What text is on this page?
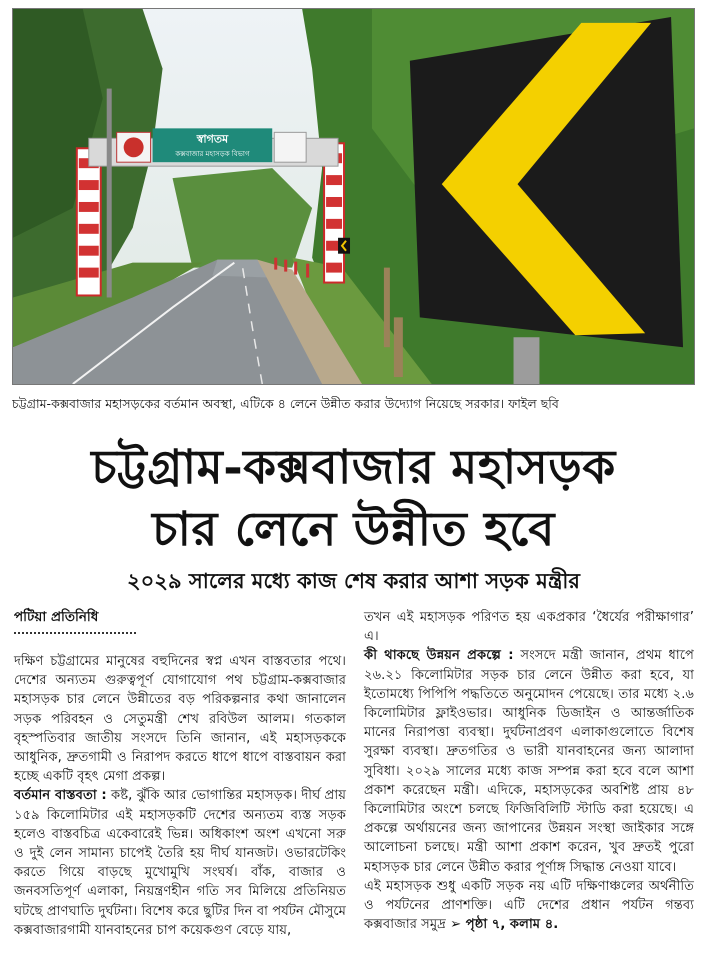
স্বাগতম
কক্সবাজার মহাসড়ক বিভাগ
চট্টগ্রাম-কক্সবাজার মহাসড়কের বর্তমান অবস্থা, এটিকে ৪ লেনে উন্নীত করার উদ্যোগ নিয়েছে সরকার। ফাইল ছবি
চট্টগ্রাম-কক্সবাজার মহাসড়ক
চার লেনে উন্নীত হবে
২০২৯ সালের মধ্যে কাজ শেষ করার আশা সড়ক মন্ত্রীর
পটিয়া প্রতিনিধি

দক্ষিণ চট্টগ্রামের মানুষের বহুদিনের স্বপ্ন এখন বাস্তবতার পথে। দেশের অন্যতম গুরুত্বপূর্ণ যোগাযোগ পথ চট্টগ্রাম-কক্সবাজার মহাসড়ক চার লেনে উন্নীতের বড় পরিকল্পনার কথা জানালেন সড়ক পরিবহন ও সেতুমন্ত্রী শেখ রবিউল আলম। গতকাল বৃহস্পতিবার জাতীয় সংসদে তিনি জানান, এই মহাসড়ককে আধুনিক, দ্রুতগামী ও নিরাপদ করতে ধাপে ধাপে বাস্তবায়ন করা হচ্ছে একটি বৃহৎ মেগা প্রকল্প।

বর্তমান বাস্তবতা : কষ্ট, ঝুঁকি আর ভোগান্তির মহাসড়ক। দীর্ঘ প্রায় ১৫৯ কিলোমিটার এই মহাসড়কটি দেশের অন্যতম ব্যস্ত সড়ক হলেও বাস্তবচিত্র একেবারেই ভিন্ন। অধিকাংশ অংশ এখনো সরু ও দুই লেন সামান্য চাপেই তৈরি হয় দীর্ঘ যানজট। ওভারটেকিং করতে গিয়ে বাড়ছে মুখোমুখি সংঘর্ষ। বাঁক, বাজার ও জনবসতিপূর্ণ এলাকা, নিয়ন্ত্রণহীন গতি সব মিলিয়ে প্রতিনিয়ত ঘটছে প্রাণঘাতি দুর্ঘটনা। বিশেষ করে ছুটির দিন বা পর্যটন মৌসুমে কক্সবাজারগামী যানবাহনের চাপ কয়েকগুণ বেড়ে যায়,

তখন এই মহাসড়ক পরিণত হয় একপ্রকার ‘ধৈর্যের পরীক্ষাগার’ এ।

কী থাকছে উন্নয়ন প্রকল্পে : সংসদে মন্ত্রী জানান, প্রথম ধাপে ২৬.২১ কিলোমিটার সড়ক চার লেনে উন্নীত করা হবে, যা ইতোমধ্যে পিপিপি পদ্ধতিতে অনুমোদন পেয়েছে। তার মধ্যে ২.৬ কিলোমিটার ফ্লাইওভার। আধুনিক ডিজাইন ও আন্তর্জাতিক মানের নিরাপত্তা ব্যবস্থা। দুর্ঘটনাপ্রবণ এলাকাগুলোতে বিশেষ সুরক্ষা ব্যবস্থা। দ্রুতগতির ও ভারী যানবাহনের জন্য আলাদা সুবিধা। ২০২৯ সালের মধ্যে কাজ সম্পন্ন করা হবে বলে আশা প্রকাশ করেছেন মন্ত্রী। এদিকে, মহাসড়কের অবশিষ্ট প্রায় ৪৮ কিলোমিটার অংশে চলছে ফিজিবিলিটি স্টাডি করা হয়েছে। এ প্রকল্পে অর্থায়নের জন্য জাপানের উন্নয়ন সংস্থা জাইকার সঙ্গে আলোচনা চলছে। মন্ত্রী আশা প্রকাশ করেন, খুব দ্রুতই পুরো মহাসড়ক চার লেনে উন্নীত করার পূর্ণাঙ্গ সিদ্ধান্ত নেওয়া যাবে।

এই মহাসড়ক শুধু একটি সড়ক নয় এটি দক্ষিণাঞ্চলের অর্থনীতি ও পর্যটনের প্রাণশক্তি। এটি দেশের প্রধান পর্যটন গন্তব্য কক্সবাজার সমুদ্র ➢ পৃষ্ঠা ৭, কলাম ৪.
